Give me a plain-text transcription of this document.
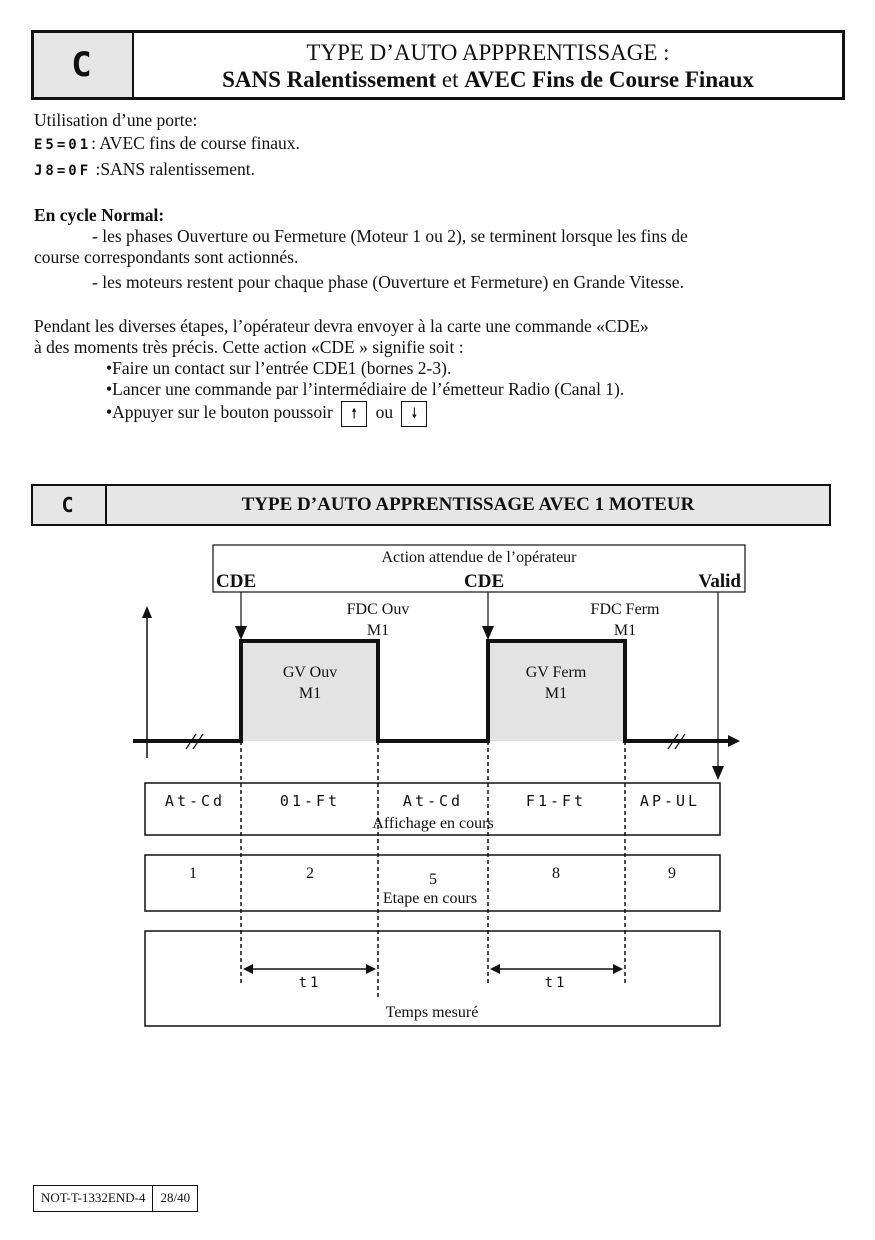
C	TYPE D’AUTO APPPRENTISSAGE :
SANS Ralentissement et AVEC Fins de Course Finaux
Utilisation d’une porte:
E5=01: AVEC fins de course finaux.
J8=0F :SANS ralentissement.
En cycle Normal:
- les phases Ouverture ou Fermeture (Moteur 1 ou 2), se terminent lorsque les fins de
course correspondants sont actionnés.
- les moteurs restent pour chaque phase (Ouverture et Fermeture) en Grande Vitesse.
Pendant les diverses étapes, l’opérateur devra envoyer à la carte une commande «CDE»
à des moments très précis. Cette action «CDE » signifie soit :
•Faire un contact sur l’entrée CDE1 (bornes 2-3).
•Lancer une commande par l’intermédiaire de l’émetteur Radio (Canal 1).
•Appuyer sur le bouton poussoir 🠕 ou 🠗
C	TYPE D’AUTO APPRENTISSAGE AVEC 1 MOTEUR
Action attendue de l’opérateur
CDE	CDE	Valid
FDC Ouv
M1
FDC Ferm
M1
GV Ouv
M1
GV Ferm
M1
At-Cd	01-Ft	At-Cd	F1-Ft	AP-UL
Affichage en cours
1	2	5	8	9
Etape en cours
t1	t1
Temps mesuré
NOT-T-1332END-4	28/40
